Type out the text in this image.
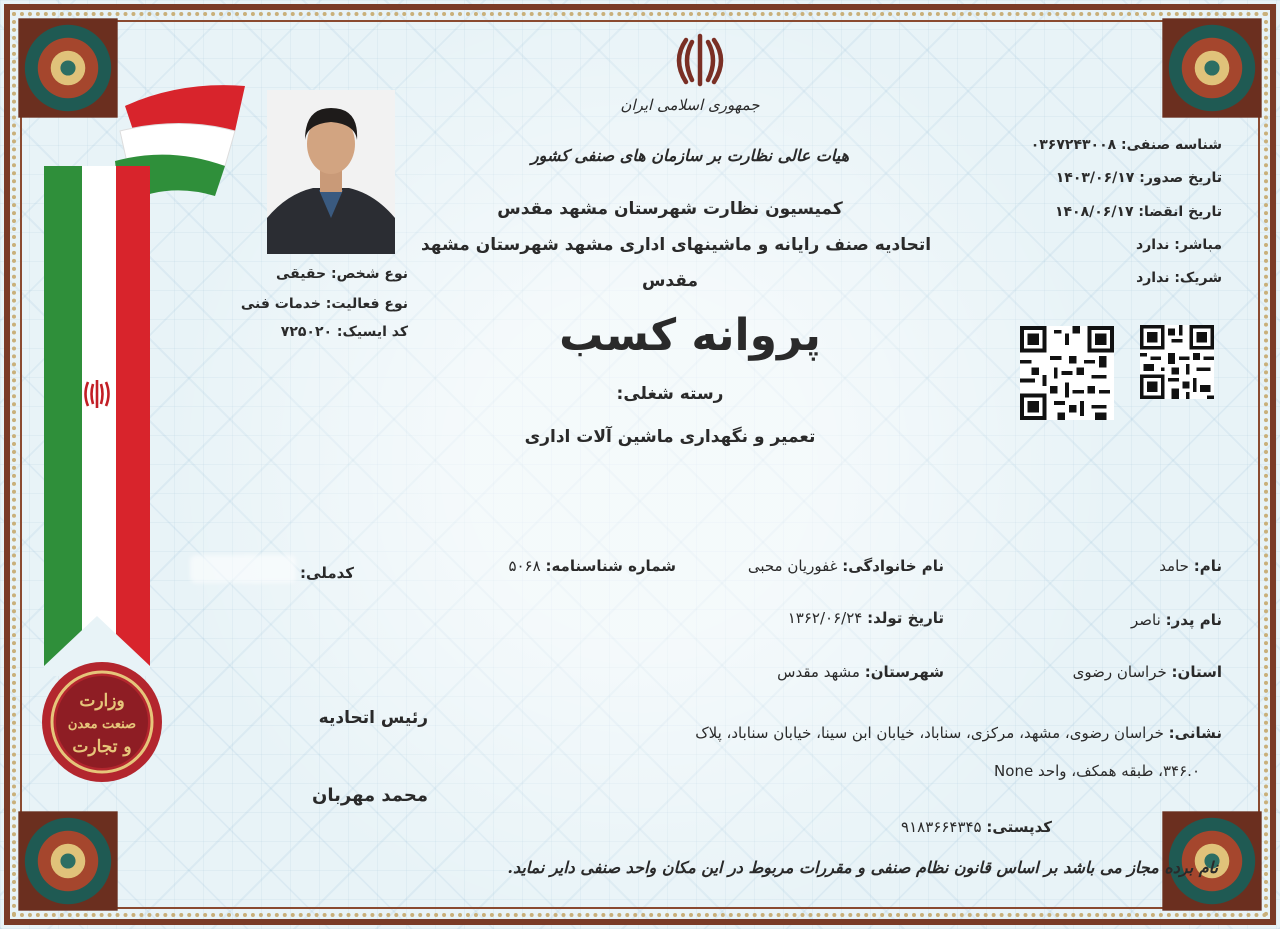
وزارت
صنعت معدن
و تجارت
جمهوری اسلامی ایران
هیات عالی نظارت بر سازمان های صنفی کشور
کمیسیون نظارت شهرستان مشهد مقدس
اتحادیه صنف رایانه و ماشینهای اداری مشهد شهرستان مشهد
مقدس
پروانه کسب
رسته شغلی:
تعمیر و نگهداری ماشین آلات اداری
شناسه صنفی: ۰۳۶۷۲۴۳۰۰۸
تاریخ صدور: ۱۴۰۳/۰۶/۱۷
تاریخ انقضا: ۱۴۰۸/۰۶/۱۷
مباشر: ندارد
شریک: ندارد
نوع شخص: حقیقی
نوع فعالیت: خدمات فنی
کد ایسیک: ۷۲۵۰۲۰
نام: حامد
نام خانوادگی: غفوریان محبی
شماره شناسنامه: ۵۰۶۸
کدملی:
نام پدر: ناصر
تاریخ تولد: ۱۳۶۲/۰۶/۲۴
استان: خراسان رضوی
شهرستان: مشهد مقدس
نشانی: خراسان رضوی، مشهد، مرکزی، سناباد، خیابان ابن سینا، خیابان سناباد، پلاک
۳۴۶.۰، طبقه همکف، واحد None
کدپستی: ۹۱۸۳۶۶۴۳۴۵
رئیس اتحادیه
محمد مهربان
نام برده مجاز می باشد بر اساس قانون نظام صنفی و مقررات مربوط در این مکان واحد صنفی دایر نماید.
